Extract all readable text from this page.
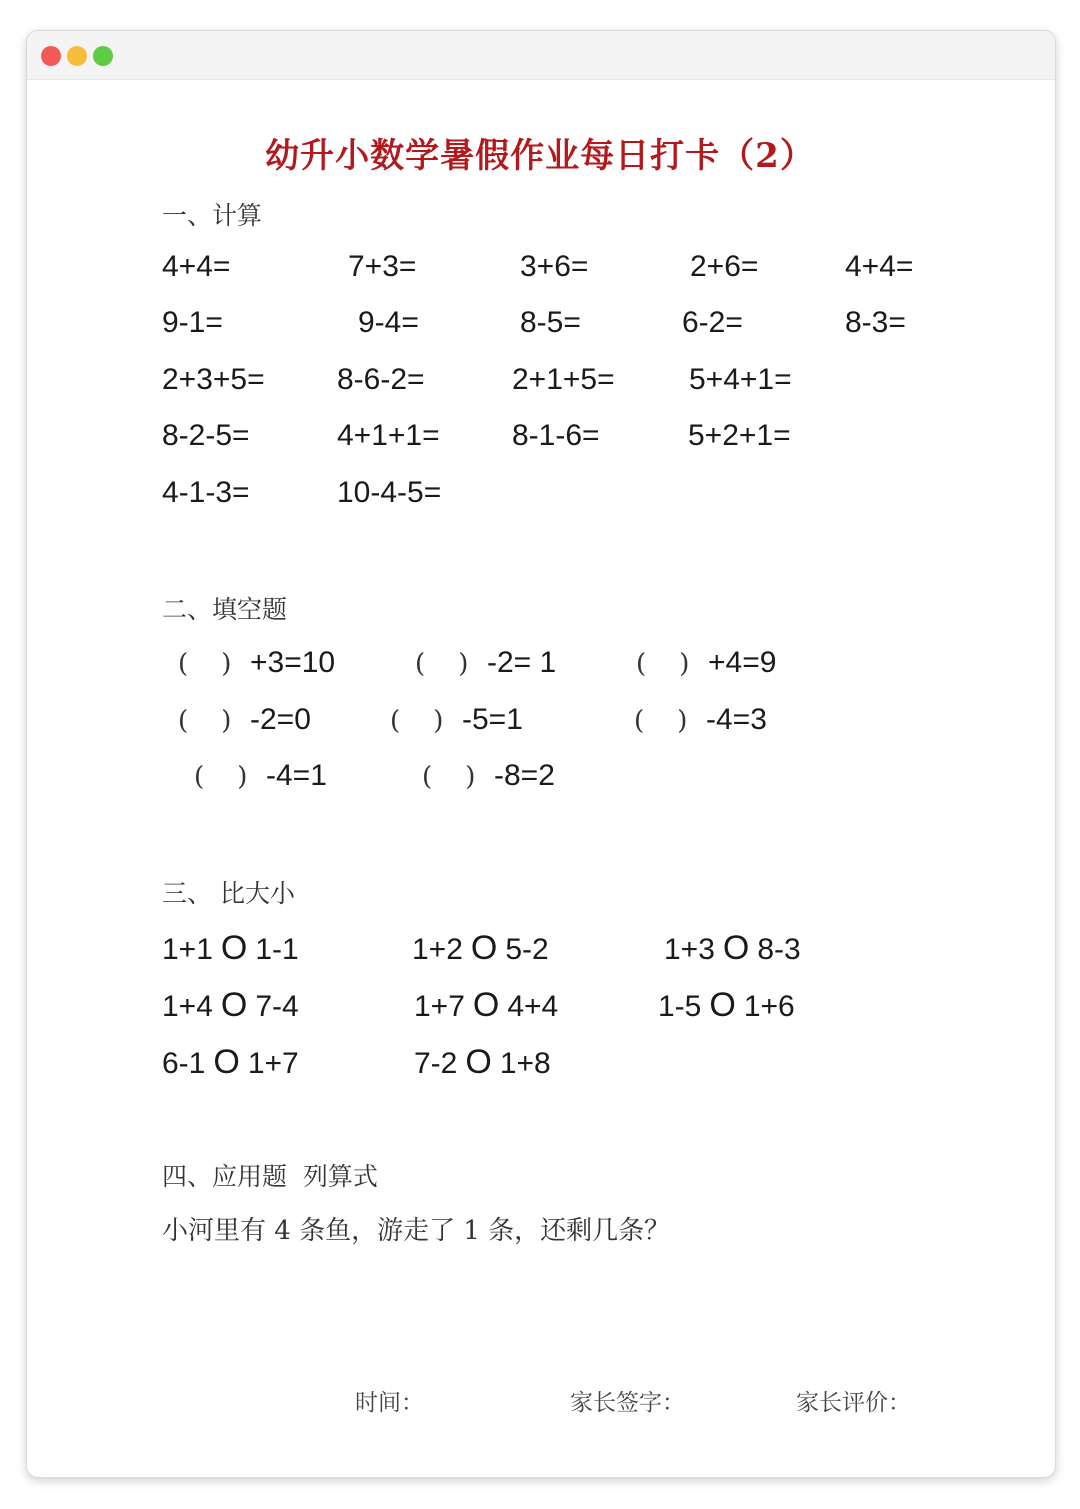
幼升小数学暑假作业每日打卡（2）
一、计算
4+4=	7+3=	3+6=	2+6=	4+4=
9-1=	9-4=	8-5=	6-2=	8-3=
2+3+5= 8-6-2=	2+1+5= 5+4+1=
8-2-5=	4+1+1= 8-1-6=	5+2+1=
4-1-3=	10-4-5=
二、填空题
(    ) +3=10	(    ) -2= 1	(    ) +4=9
(    ) -2=0	(    ) -5=1	(    ) -4=3
(    ) -4=1	(    ) -8=2
三、 比大小
1+1 O 1-1	1+2 O 5-2	1+3 O 8-3
1+4 O 7-4	1+7 O 4+4	1-5 O 1+6
6-1 O 1+7	7-2 O 1+8
四、应用题  列算式
小河里有 4 条鱼，游走了 1 条，还剩几条？
时间：	家长签字：	家长评价：
